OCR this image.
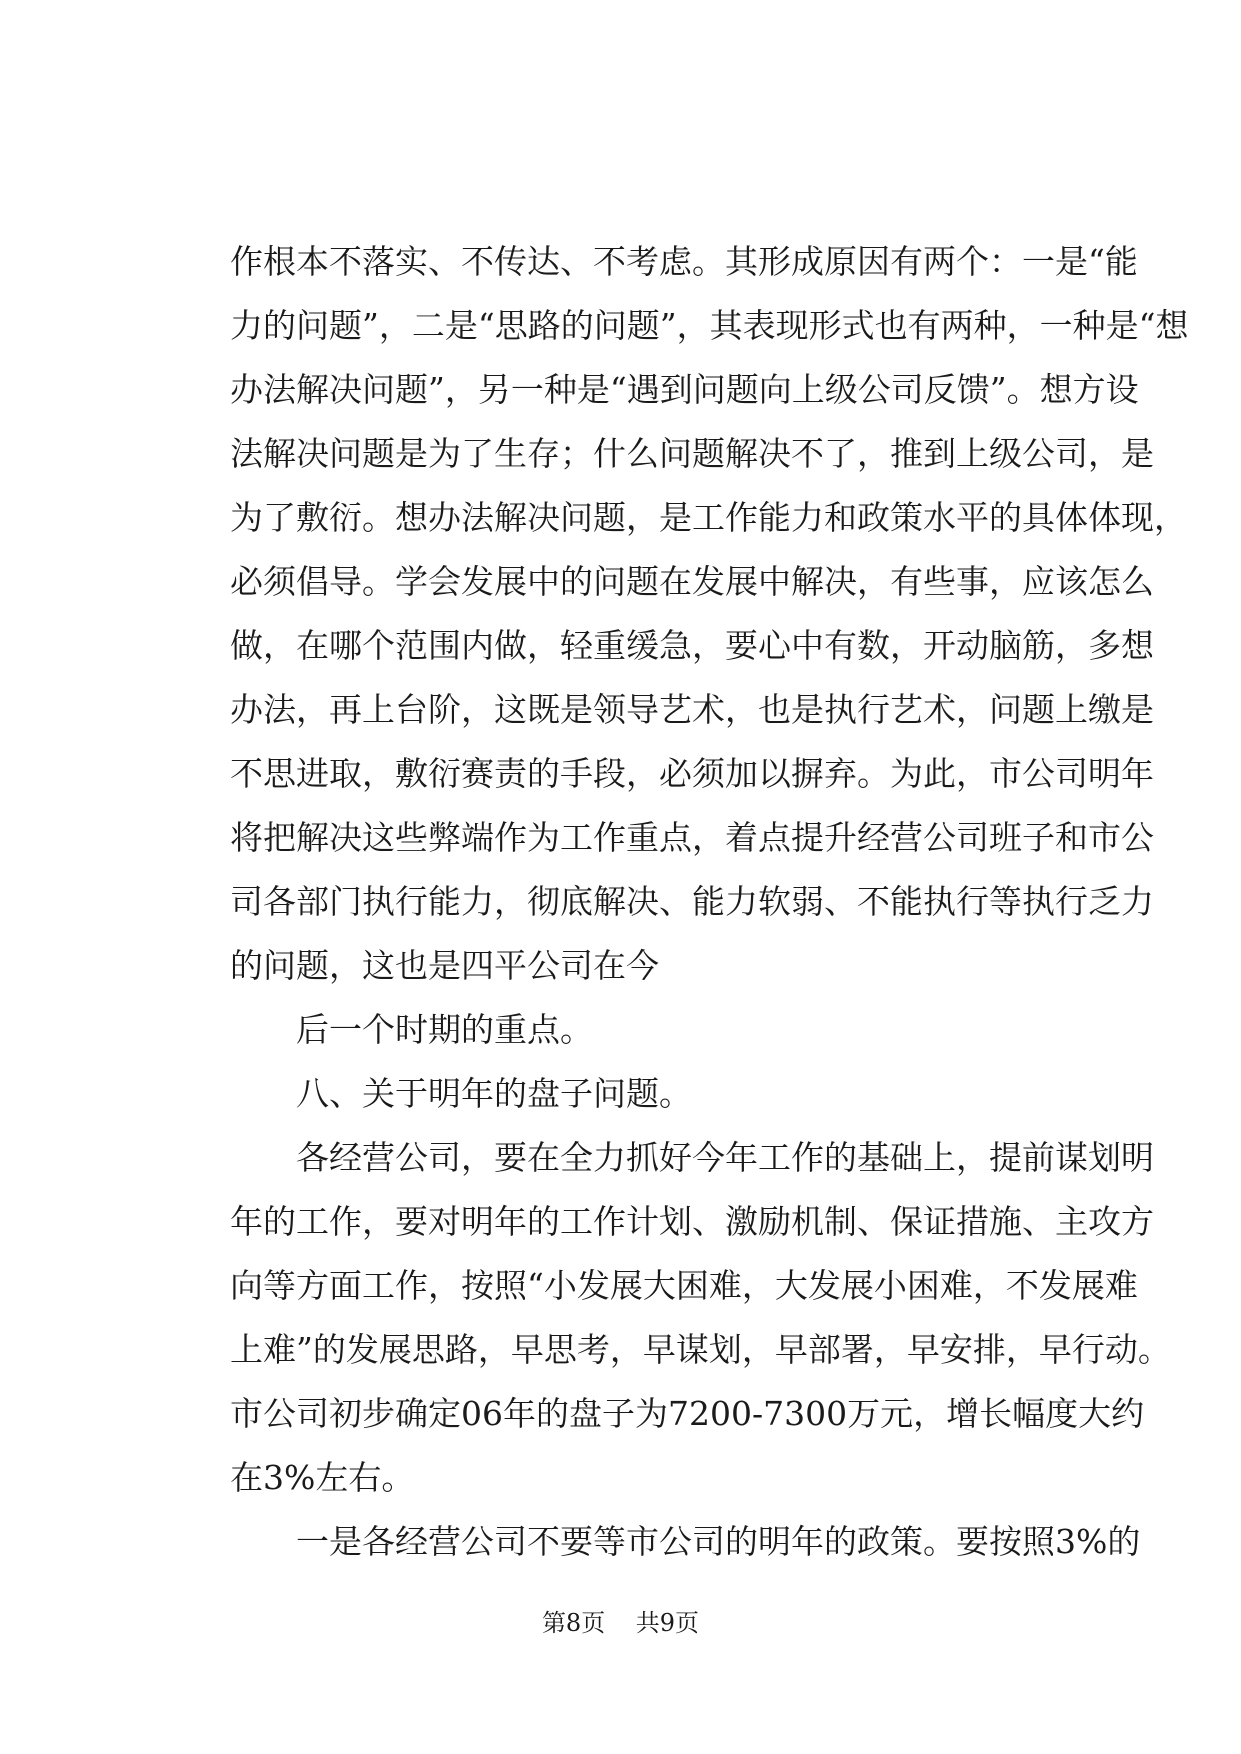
作根本不落实、不传达、不考虑。其形成原因有两个：一是“能
力的问题”，二是“思路的问题”，其表现形式也有两种，一种是“想
办法解决问题”，另一种是“遇到问题向上级公司反馈”。想方设
法解决问题是为了生存；什么问题解决不了，推到上级公司，是
为了敷衍。想办法解决问题，是工作能力和政策水平的具体体现，
必须倡导。学会发展中的问题在发展中解决，有些事，应该怎么
做，在哪个范围内做，轻重缓急，要心中有数，开动脑筋，多想
办法，再上台阶，这既是领导艺术，也是执行艺术，问题上缴是
不思进取，敷衍赛责的手段，必须加以摒弃。为此，市公司明年
将把解决这些弊端作为工作重点，着点提升经营公司班子和市公
司各部门执行能力，彻底解决、能力软弱、不能执行等执行乏力
的问题，这也是四平公司在今
后一个时期的重点。
八、关于明年的盘子问题。
各经营公司，要在全力抓好今年工作的基础上，提前谋划明
年的工作，要对明年的工作计划、激励机制、保证措施、主攻方
向等方面工作，按照“小发展大困难，大发展小困难，不发展难
上难”的发展思路，早思考，早谋划，早部署，早安排，早行动。
市公司初步确定06年的盘子为7200-7300万元，增长幅度大约
在3%左右。
一是各经营公司不要等市公司的明年的政策。要按照3%的
第8页 共9页
